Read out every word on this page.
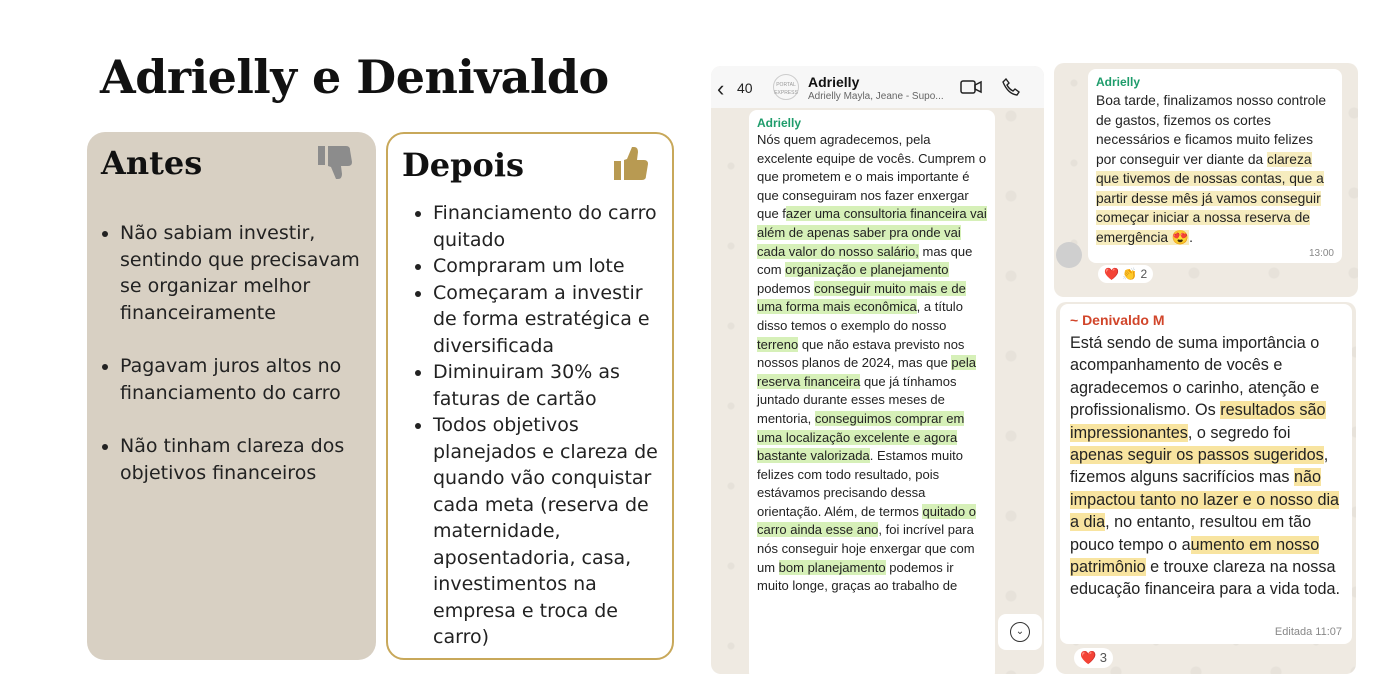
Adrielly e Denivaldo
Antes
• Não sabiam investir, sentindo que precisavam se organizar melhor financeiramente
• Pagavam juros altos no financiamento do carro
• Não tinham clareza dos objetivos financeiros
Depois
• Financiamento do carro quitado
• Compraram um lote
• Começaram a investir de forma estratégica e diversificada
• Diminuiram 30% as faturas de cartão
• Todos objetivos planejados e clareza de quando vão conquistar cada meta (reserva de maternidade, aposentadoria, casa, investimentos na empresa e troca de carro)
‹ 40	PORTAL EXPRESS
Adrielly
Adrielly Mayla, Jeane - Supo...
Adrielly
Nós quem agradecemos, pela excelente equipe de vocês. Cumprem o que prometem e o mais importante é que conseguiram nos fazer enxergar que fazer uma consultoria financeira vai além de apenas saber pra onde vai cada valor do nosso salário, mas que com organização e planejamento podemos conseguir muito mais e de uma forma mais econômica, a título disso temos o exemplo do nosso terreno que não estava previsto nos nossos planos de 2024, mas que pela reserva financeira que já tínhamos juntado durante esses meses de mentoria, conseguimos comprar em uma localização excelente e agora bastante valorizada. Estamos muito felizes com todo resultado, pois estávamos precisando dessa orientação. Além, de termos quitado o carro ainda esse ano, foi incrível para nós conseguir hoje enxergar que com um bom planejamento podemos ir muito longe, graças ao trabalho de
⌄
Adrielly
Boa tarde, finalizamos nosso controle de gastos, fizemos os cortes necessários e ficamos muito felizes por conseguir ver diante da clareza que tivemos de nossas contas, que a partir desse mês já vamos conseguir começar iniciar a nossa reserva de emergência 😍.
13:00
❤️ 👏 2
~ Denivaldo M
Está sendo de suma importância o acompanhamento de vocês e agradecemos o carinho, atenção e profissionalismo. Os resultados são impressionantes, o segredo foi apenas seguir os passos sugeridos, fizemos alguns sacrifícios mas não impactou tanto no lazer e o nosso dia a dia, no entanto, resultou em tão pouco tempo o aumento em nosso patrimônio e trouxe clareza na nossa educação financeira para a vida toda.
Editada 11:07
❤️ 3
